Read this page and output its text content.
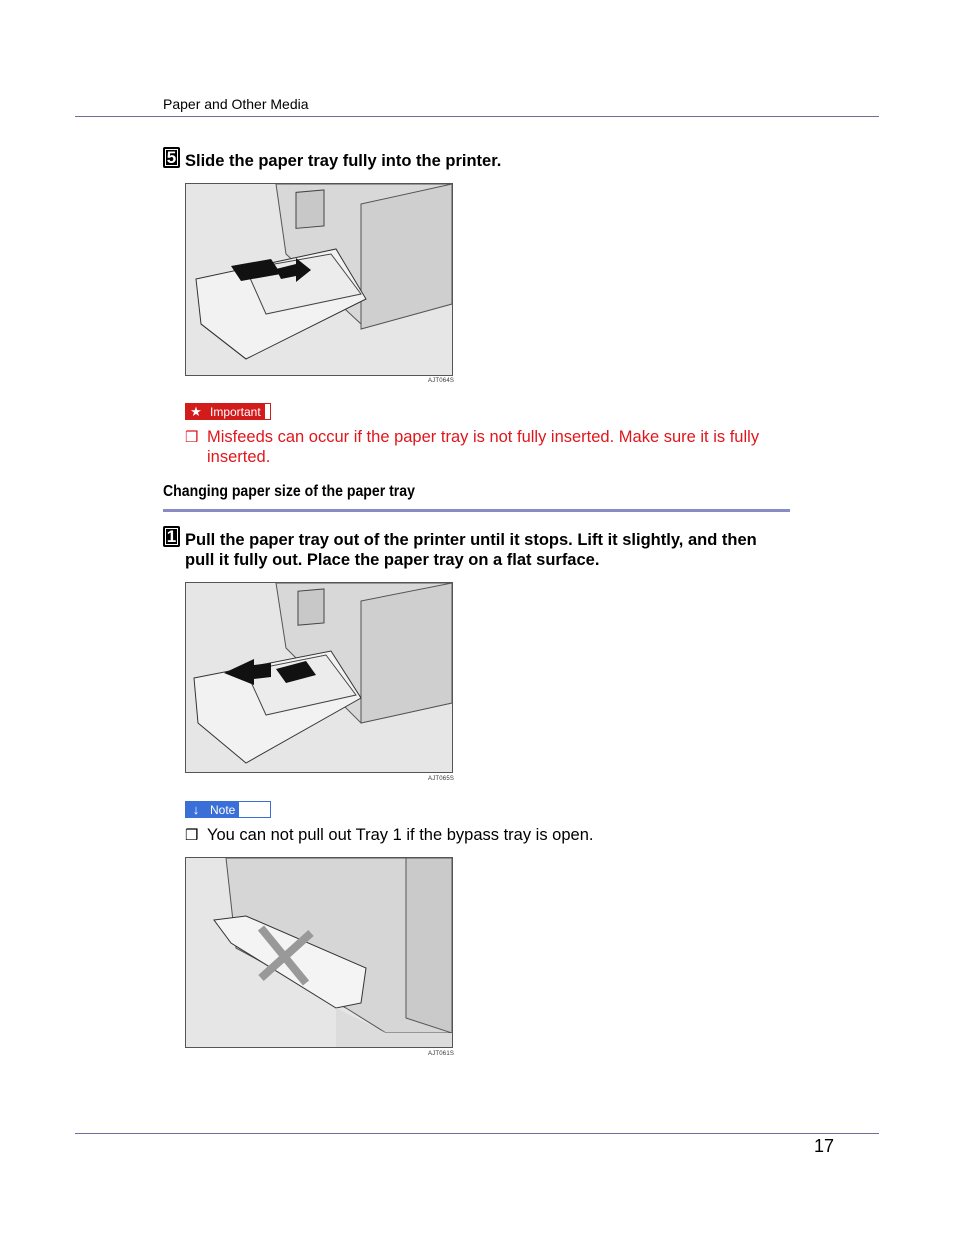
Paper and Other Media
5 Slide the paper tray fully into the printer.
AJT064S
★ Important
❒ Misfeeds can occur if the paper tray is not fully inserted. Make sure it is fully
inserted.
Changing paper size of the paper tray
1 Pull the paper tray out of the printer until it stops. Lift it slightly, and then
pull it fully out. Place the paper tray on a flat surface.
AJT065S
↓ Note
❒ You can not pull out Tray 1 if the bypass tray is open.
AJT061S
17
